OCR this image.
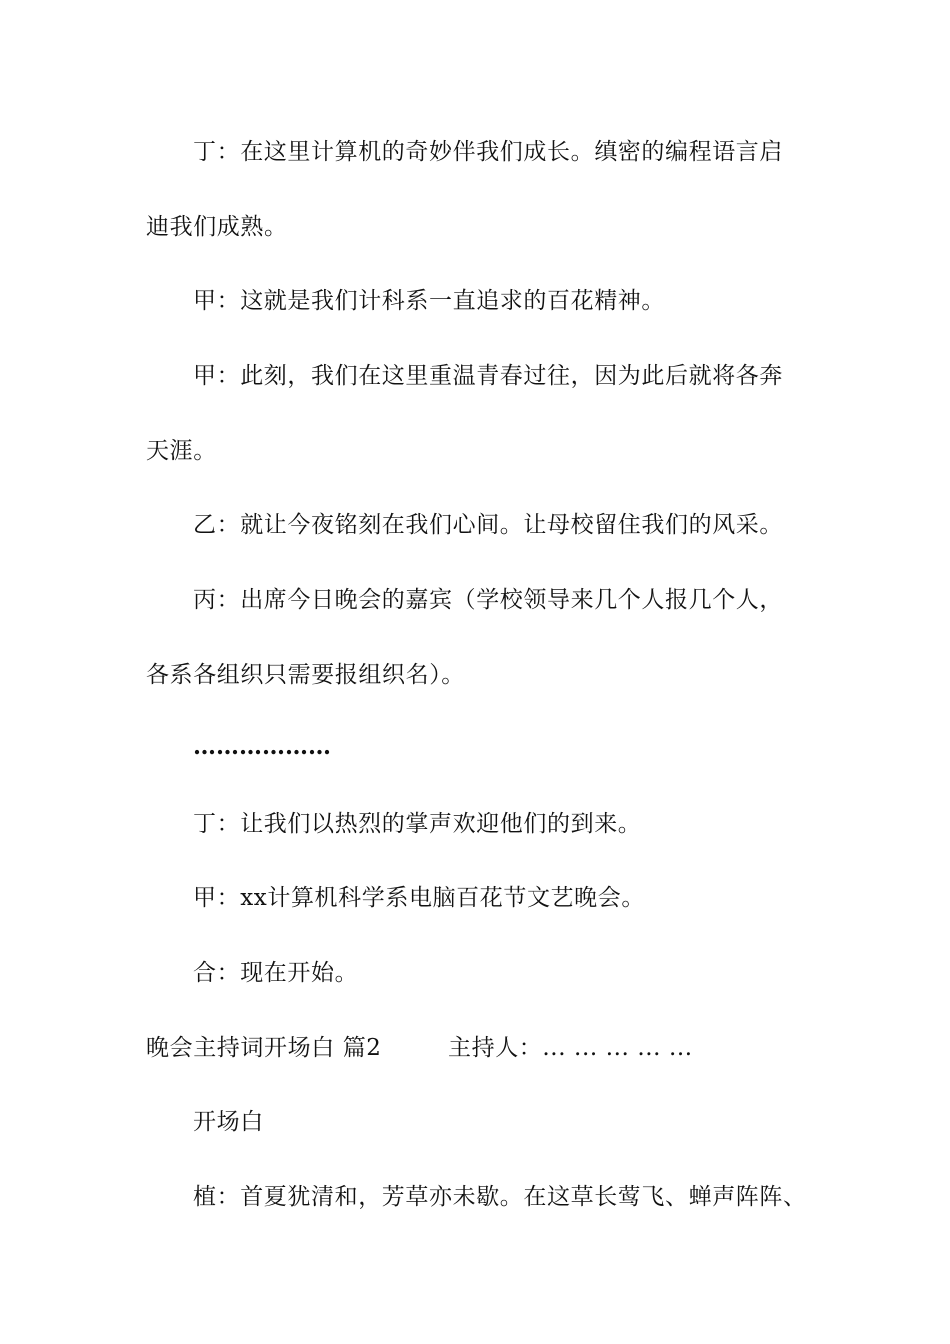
丁：在这里计算机的奇妙伴我们成长。缜密的编程语言启
迪我们成熟。
甲：这就是我们计科系一直追求的百花精神。
甲：此刻，我们在这里重温青春过往，因为此后就将各奔
天涯。
乙：就让今夜铭刻在我们心间。让母校留住我们的风采。
丙：出席今日晚会的嘉宾（学校领导来几个人报几个人，
各系各组织只需要报组织名）。
………………
丁：让我们以热烈的掌声欢迎他们的到来。
甲：xx计算机科学系电脑百花节文艺晚会。
合：现在开始。
晚会主持词开场白 篇2	主持人：... ... ... ... ...
开场白
植：首夏犹清和，芳草亦未歇。在这草长莺飞、蝉声阵阵、
